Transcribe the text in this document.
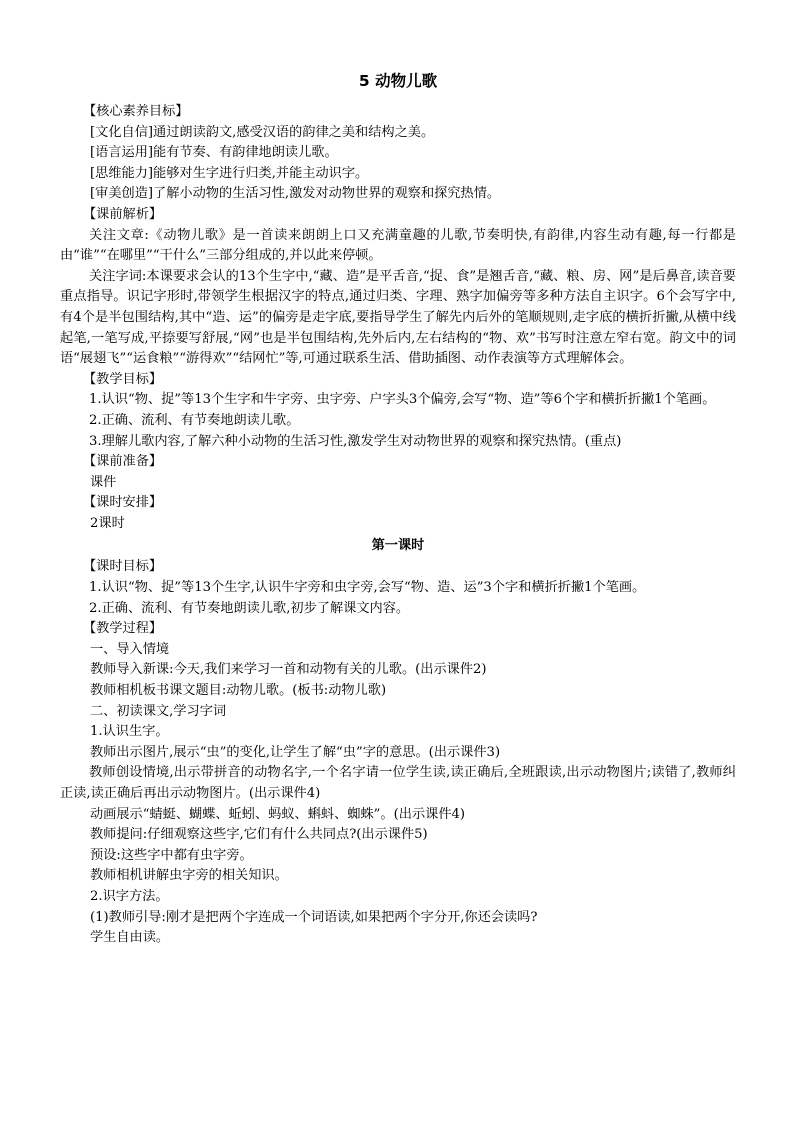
5 动物儿歌

【核心素养目标】

[文化自信]通过朗读韵文,感受汉语的韵律之美和结构之美。

[语言运用]能有节奏、有韵律地朗读儿歌。

[思维能力]能够对生字进行归类,并能主动识字。

[审美创造]了解小动物的生活习性,激发对动物世界的观察和探究热情。

【课前解析】

关注文章:《动物儿歌》是一首读来朗朗上口又充满童趣的儿歌,节奏明快,有韵律,内容生动有趣,每一行都是由“谁”“在哪里”“干什么”三部分组成的,并以此来停顿。

关注字词:本课要求会认的13个生字中,“藏、造”是平舌音,“捉、食”是翘舌音,“藏、粮、房、网”是后鼻音,读音要重点指导。识记字形时,带领学生根据汉字的特点,通过归类、字理、熟字加偏旁等多种方法自主识字。6个会写字中,有4个是半包围结构,其中“造、运”的偏旁是走字底,要指导学生了解先内后外的笔顺规则,走字底的横折折撇,从横中线起笔,一笔写成,平捺要写舒展,“网”也是半包围结构,先外后内,左右结构的“物、欢”书写时注意左窄右宽。韵文中的词语“展翅飞”“运食粮”“游得欢”“结网忙”等,可通过联系生活、借助插图、动作表演等方式理解体会。

【教学目标】

1.认识“物、捉”等13个生字和牛字旁、虫字旁、户字头3个偏旁,会写“物、造”等6个字和横折折撇1个笔画。

2.正确、流利、有节奏地朗读儿歌。

3.理解儿歌内容,了解六种小动物的生活习性,激发学生对动物世界的观察和探究热情。(重点)

【课前准备】

课件

【课时安排】

2课时

第一课时

【课时目标】

1.认识“物、捉”等13个生字,认识牛字旁和虫字旁,会写“物、造、运”3个字和横折折撇1个笔画。

2.正确、流利、有节奏地朗读儿歌,初步了解课文内容。

【教学过程】

一、导入情境

教师导入新课:今天,我们来学习一首和动物有关的儿歌。(出示课件2)

教师相机板书课文题目:动物儿歌。(板书:动物儿歌)

二、初读课文,学习字词

1.认识生字。

教师出示图片,展示“虫”的变化,让学生了解“虫”字的意思。(出示课件3)

教师创设情境,出示带拼音的动物名字,一个名字请一位学生读,读正确后,全班跟读,出示动物图片;读错了,教师纠正读,读正确后再出示动物图片。(出示课件4)

动画展示“蜻蜓、蝴蝶、蚯蚓、蚂蚁、蝌蚪、蜘蛛”。(出示课件4)

教师提问:仔细观察这些字,它们有什么共同点?(出示课件5)

预设:这些字中都有虫字旁。

教师相机讲解虫字旁的相关知识。

2.识字方法。

(1)教师引导:刚才是把两个字连成一个词语读,如果把两个字分开,你还会读吗?

学生自由读。
